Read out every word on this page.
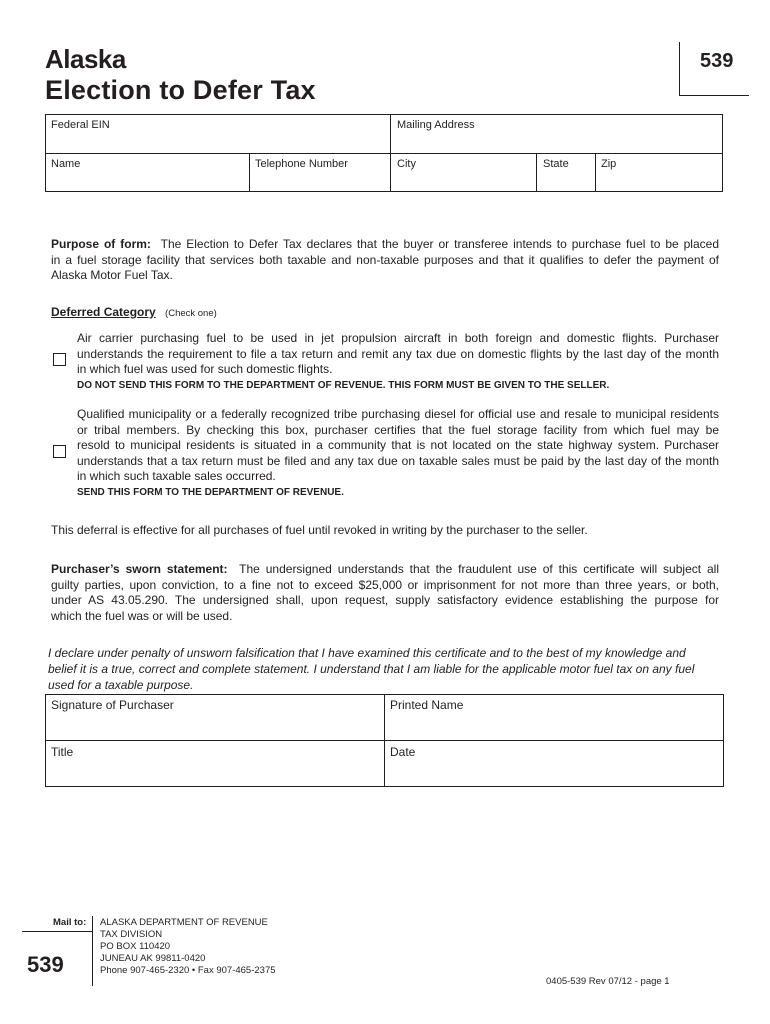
Alaska
Election to Defer Tax
539
Federal EIN	Mailing Address
Name	Telephone Number	City	State	Zip
Purpose of form: The Election to Defer Tax declares that the buyer or transferee intends to purchase fuel to be placed
in a fuel storage facility that services both taxable and non-taxable purposes and that it qualifies to defer the payment of
Alaska Motor Fuel Tax.
Deferred Category (Check one)
Air carrier purchasing fuel to be used in jet propulsion aircraft in both foreign and domestic flights. Purchaser
understands the requirement to file a tax return and remit any tax due on domestic flights by the last day of the month
in which fuel was used for such domestic flights.
DO NOT SEND THIS FORM TO THE DEPARTMENT OF REVENUE. THIS FORM MUST BE GIVEN TO THE SELLER.
Qualified municipality or a federally recognized tribe purchasing diesel for official use and resale to municipal residents
or tribal members. By checking this box, purchaser certifies that the fuel storage facility from which fuel may be
resold to municipal residents is situated in a community that is not located on the state highway system. Purchaser
understands that a tax return must be filed and any tax due on taxable sales must be paid by the last day of the month
in which such taxable sales occurred.
SEND THIS FORM TO THE DEPARTMENT OF REVENUE.
This deferral is effective for all purchases of fuel until revoked in writing by the purchaser to the seller.
Purchaser’s sworn statement: The undersigned understands that the fraudulent use of this certificate will subject all
guilty parties, upon conviction, to a fine not to exceed $25,000 or imprisonment for not more than three years, or both,
under AS 43.05.290. The undersigned shall, upon request, supply satisfactory evidence establishing the purpose for
which the fuel was or will be used.
I declare under penalty of unsworn falsification that I have examined this certificate and to the best of my knowledge and
belief it is a true, correct and complete statement. I understand that I am liable for the applicable motor fuel tax on any fuel
used for a taxable purpose.
Signature of Purchaser	Printed Name
Title	Date
Mail to: ALASKA DEPARTMENT OF REVENUE
TAX DIVISION
PO BOX 110420
JUNEAU AK 99811-0420
Phone 907-465-2320 • Fax 907-465-2375
539
0405-539 Rev 07/12 - page 1
